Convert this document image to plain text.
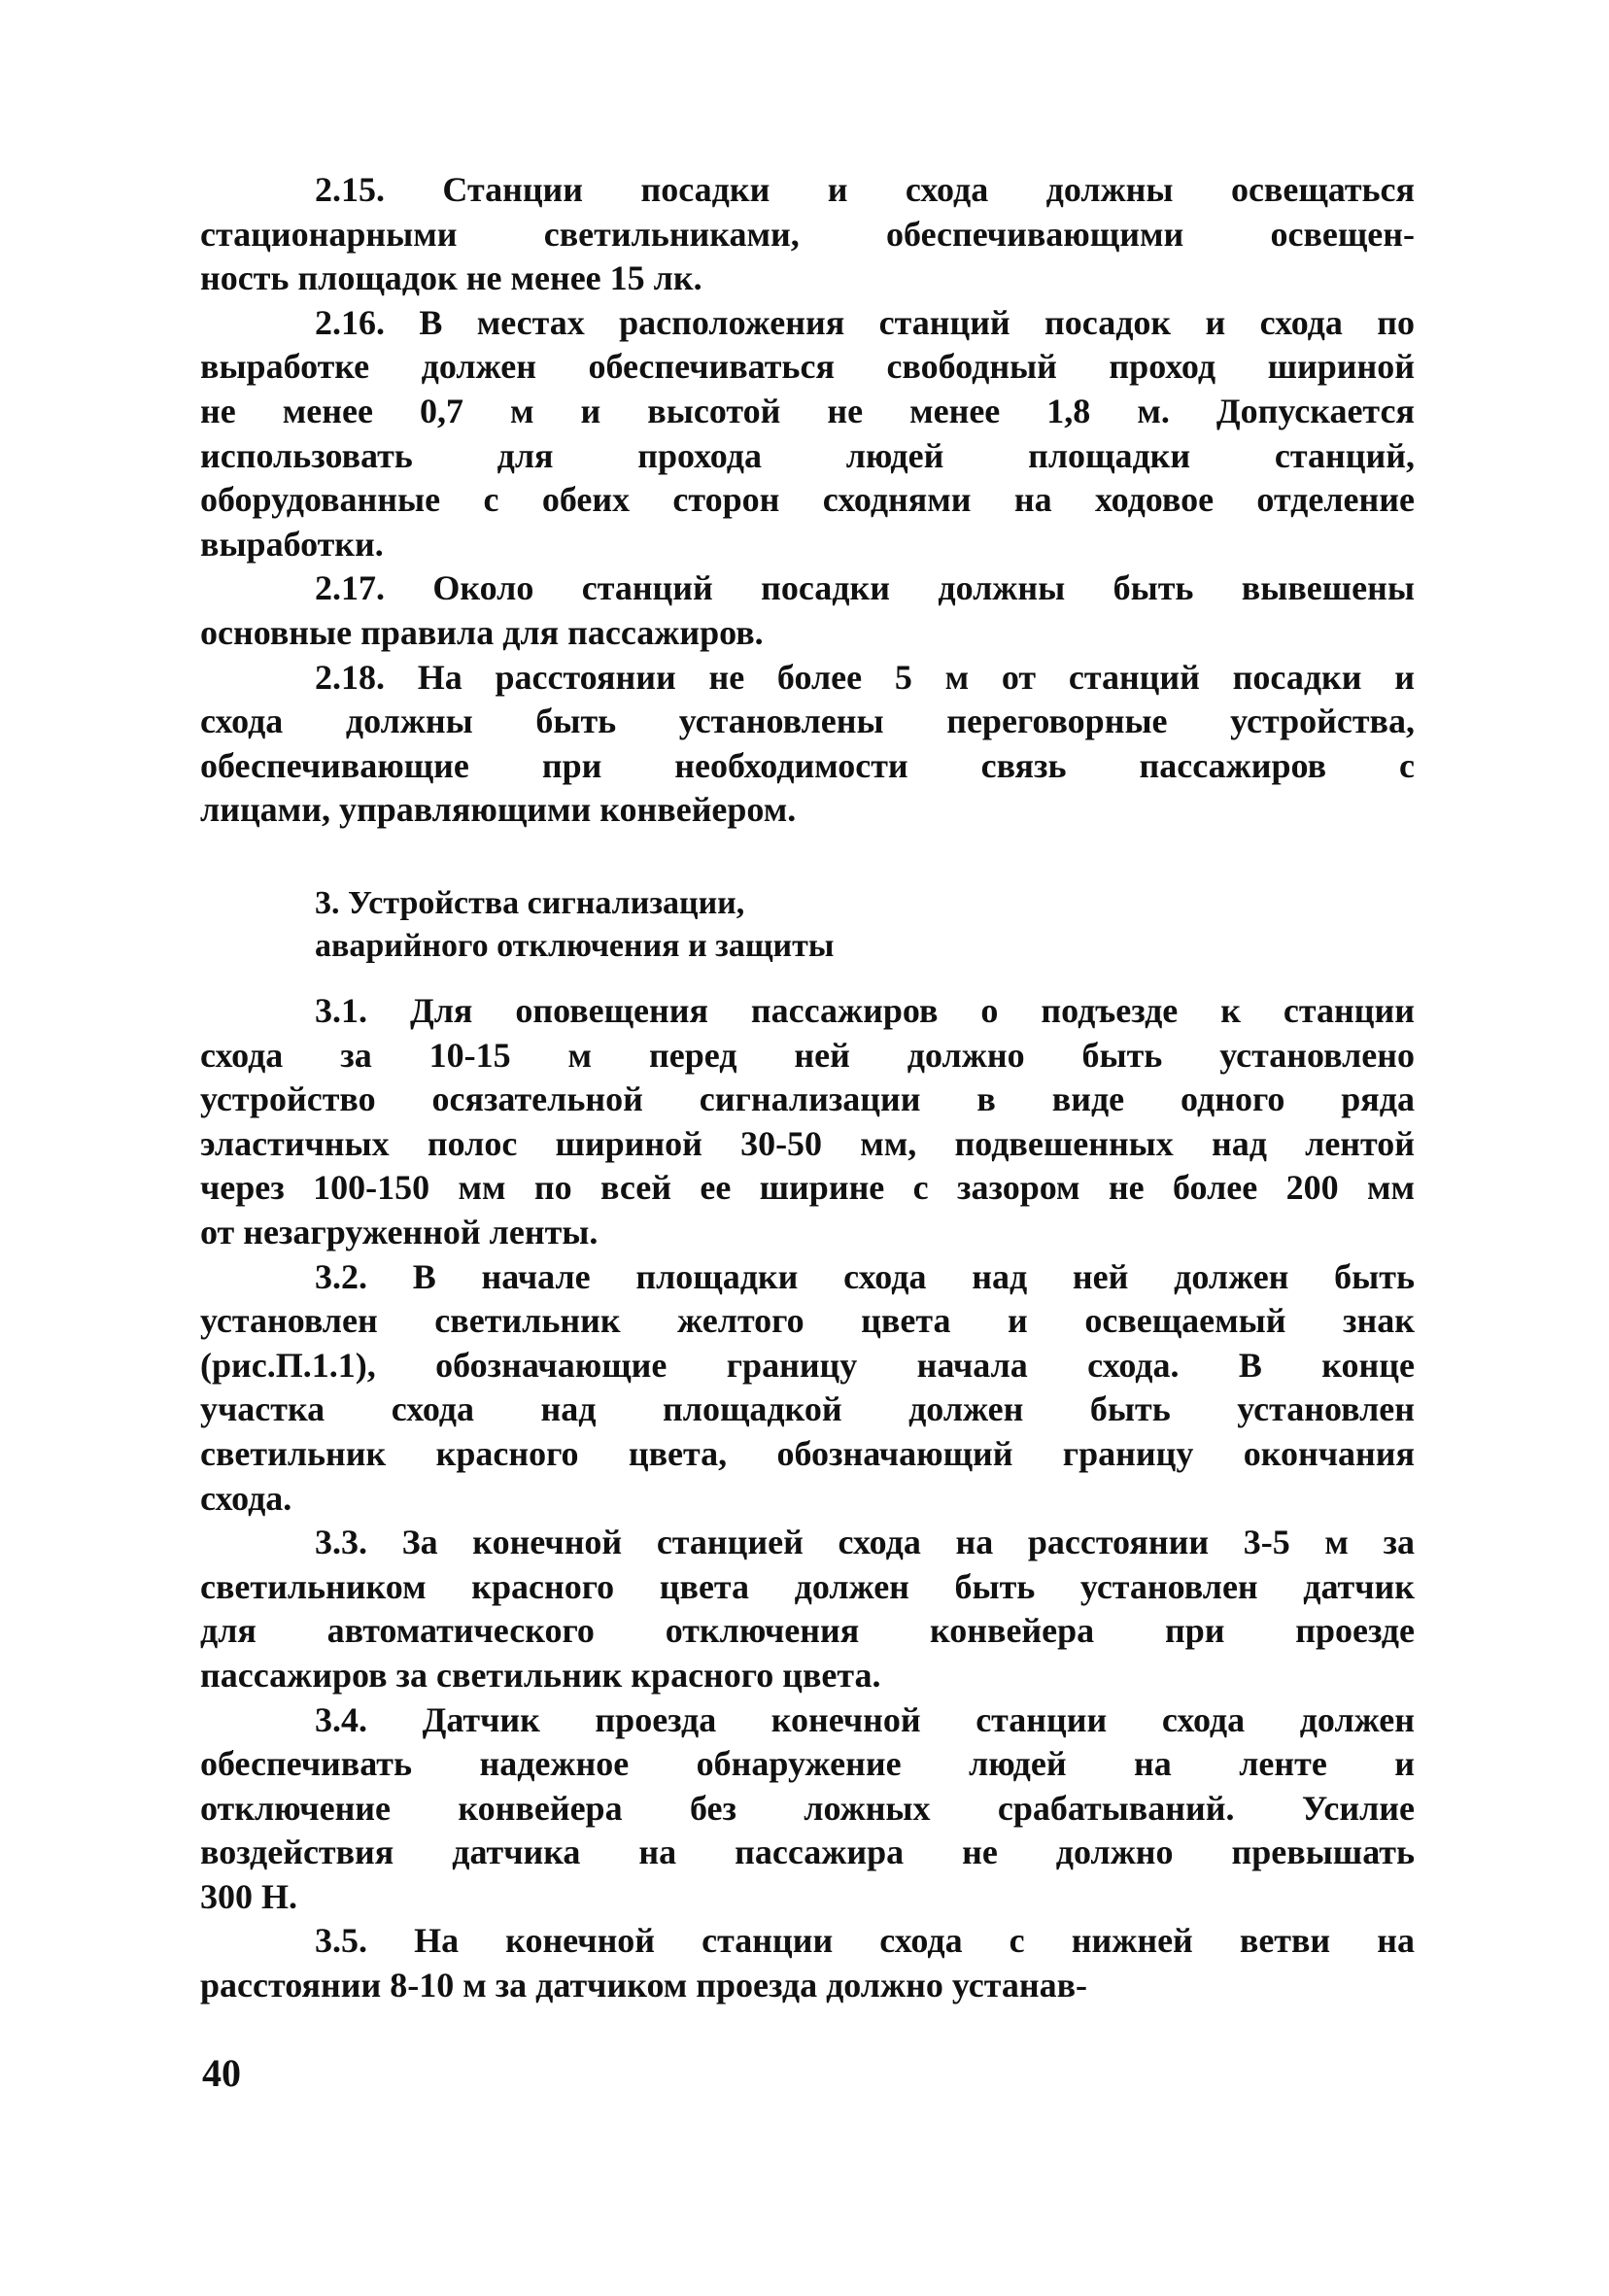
2.15. Станции посадки и схода должны освещаться
стационарными светильниками, обеспечивающими освещен-
ность площадок не менее 15 лк.
2.16. В местах расположения станций посадок и схода по
выработке должен обеспечиваться свободный проход шириной
не менее 0,7 м и высотой не менее 1,8 м. Допускается
использовать для прохода людей площадки станций,
оборудованные с обеих сторон сходнями на ходовое отделение
выработки.
2.17. Около станций посадки должны быть вывешены
основные правила для пассажиров.
2.18. На расстоянии не более 5 м от станций посадки и
схода должны быть установлены переговорные устройства,
обеспечивающие при необходимости связь пассажиров с
лицами, управляющими конвейером.
3. Устройства сигнализации,
аварийного отключения и защиты
3.1. Для оповещения пассажиров о подъезде к станции
схода за 10-15 м перед ней должно быть установлено
устройство осязательной сигнализации в виде одного ряда
эластичных полос шириной 30-50 мм, подвешенных над лентой
через 100-150 мм по всей ее ширине с зазором не более 200 мм
от незагруженной ленты.
3.2. В начале площадки схода над ней должен быть
установлен светильник желтого цвета и освещаемый знак
(рис.П.1.1), обозначающие границу начала схода. В конце
участка схода над площадкой должен быть установлен
светильник красного цвета, обозначающий границу окончания
схода.
3.3. За конечной станцией схода на расстоянии 3-5 м за
светильником красного цвета должен быть установлен датчик
для автоматического отключения конвейера при проезде
пассажиров за светильник красного цвета.
3.4. Датчик проезда конечной станции схода должен
обеспечивать надежное обнаружение людей на ленте и
отключение конвейера без ложных срабатываний. Усилие
воздействия датчика на пассажира не должно превышать
300 Н.
3.5. На конечной станции схода с нижней ветви на
расстоянии 8-10 м за датчиком проезда должно устанав-
40
